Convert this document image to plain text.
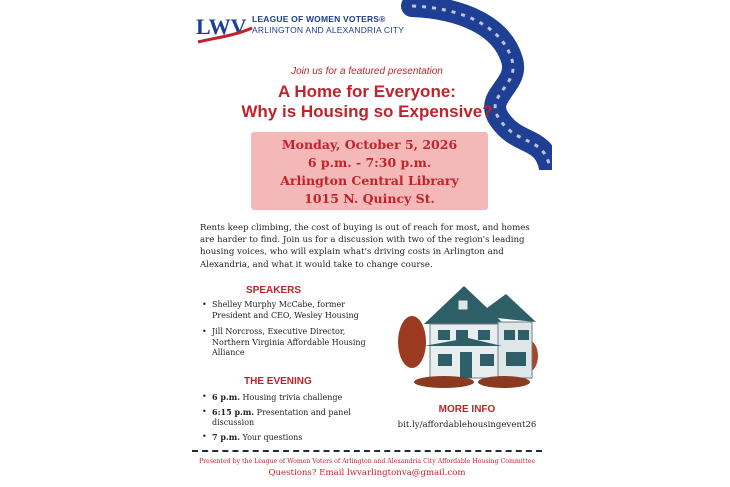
LWV LEAGUE OF WOMEN VOTERS®
ARLINGTON AND ALEXANDRIA CITY
Join us for a featured presentation
A Home for Everyone:
Why is Housing so Expensive?
Monday, October 5, 2026
6 p.m. - 7:30 p.m.
Arlington Central Library
1015 N. Quincy St.
Rents keep climbing, the cost of buying is out of reach for most, and homes are harder to find. Join us for a discussion with two of the region's leading housing voices, who will explain what's driving costs in Arlington and Alexandria, and what it would take to change course.
SPEAKERS
• Shelley Murphy McCabe, former President and CEO, Wesley Housing
• Jill Norcross, Executive Director, Northern Virginia Affordable Housing Alliance
THE EVENING
• 6 p.m. Housing trivia challenge
• 6:15 p.m. Presentation and panel discussion
• 7 p.m. Your questions
MORE INFO
bit.ly/affordablehousingevent26
Presented by the League of Women Voters of Arlington and Alexandria City Affordable Housing Committee
Questions? Email lwvarlingtonva@gmail.com
